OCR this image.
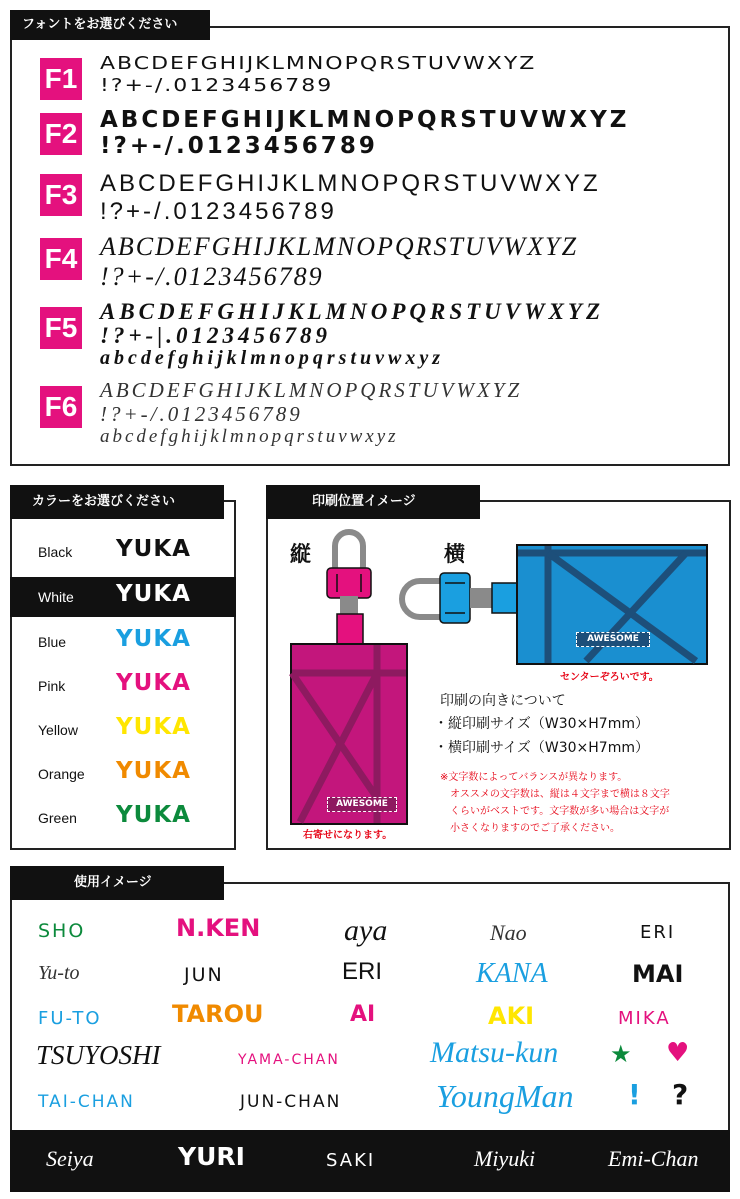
フォントをお選びください
F1 ABCDEFGHIJKLMNOPQRSTUVWXYZ
!?+-/.0123456789
F2 ABCDEFGHIJKLMNOPQRSTUVWXYZ
!?+-/.0123456789
F3 ABCDEFGHIJKLMNOPQRSTUVWXYZ
!?+-/.0123456789
F4 ABCDEFGHIJKLMNOPQRSTUVWXYZ
!?+-/.0123456789
F5
ABCDEFGHIJKLMNOPQRSTUVWXYZ
!?+-|.0123456789
abcdefghijklmnopqrstuvwxyz
F6
ABCDEFGHIJKLMNOPQRSTUVWXYZ
!?+-/.0123456789
abcdefghijklmnopqrstuvwxyz
カラーをお選びください
Black YUKA
White YUKA
Blue YUKA
Pink YUKA
Yellow YUKA
Orange YUKA
Green YUKA
印刷位置イメージ
縦	横
AWESOME
右寄せになります。
AWESOME
センターぞろいです。
印刷の向きについて
・縦印刷サイズ（W30×H7mm）
・横印刷サイズ（W30×H7mm）
※文字数によってバランスが異なります。
オススメの文字数は、縦は４文字まで横は８文字
くらいがベストです。文字数が多い場合は文字が
小さくなりますのでご了承ください。
使用イメージ
SHO	N.KEN	aya	Nao	ERI
Yu-to	JUN	ERI	KANA	MAI
FU-TO	TAROU	AI	AKI	MIKA
TSUYOSHI	YAMA-CHAN	Matsu-kun ★ ♥
TAI-CHAN	JUN-CHAN	YoungMan ! ?
Seiya	YURI	SAKI	Miyuki	Emi-Chan
